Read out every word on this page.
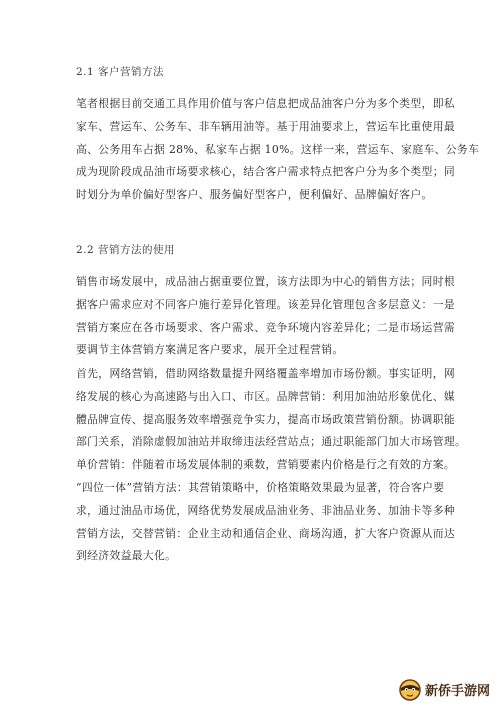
2.1 客户营销方法
笔者根据目前交通工具作用价值与客户信息把成品油客户分为多个类型，即私
家车、营运车、公务车、非车辆用油等。基于用油要求上，营运车比重使用最
高、公务用车占据 28%、私家车占据 10%。这样一来，营运车、家庭车、公务车
成为现阶段成品油市场要求核心，结合客户需求特点把客户分为多个类型；同
时划分为单价偏好型客户、服务偏好型客户，便利偏好、品牌偏好客户。
2.2 营销方法的使用
销售市场发展中，成品油占据重要位置，该方法即为中心的销售方法；同时根
据客户需求应对不同客户施行差异化管理。该差异化管理包含多层意义：一是
营销方案应在各市场要求、客户需求、竞争环境内容差异化；二是市场运营需
要调节主体营销方案满足客户要求，展开全过程营销。
首先，网络营销，借助网络数量提升网络覆盖率增加市场份额。事实证明，网
络发展的核心为高速路与出入口、市区。品牌营销：利用加油站形象优化、媒
體品牌宣传、提高服务效率增强竞争实力，提高市场政策营销份额。协调职能
部门关系，消除虚假加油站并取缔违法经营站点；通过职能部门加大市场管理。
单价营销：伴随着市场发展体制的乘数，营销要素内价格是行之有效的方案。
“四位一体”营销方法：其营销策略中，价格策略效果最为显著，符合客户要
求，通过油品市场优，网络优势发展成品油业务、非油品业务、加油卡等多种
营销方法，交替营销：企业主动和通信企业、商场沟通，扩大客户资源从而达
到经济效益最大化。
新侨手游网
